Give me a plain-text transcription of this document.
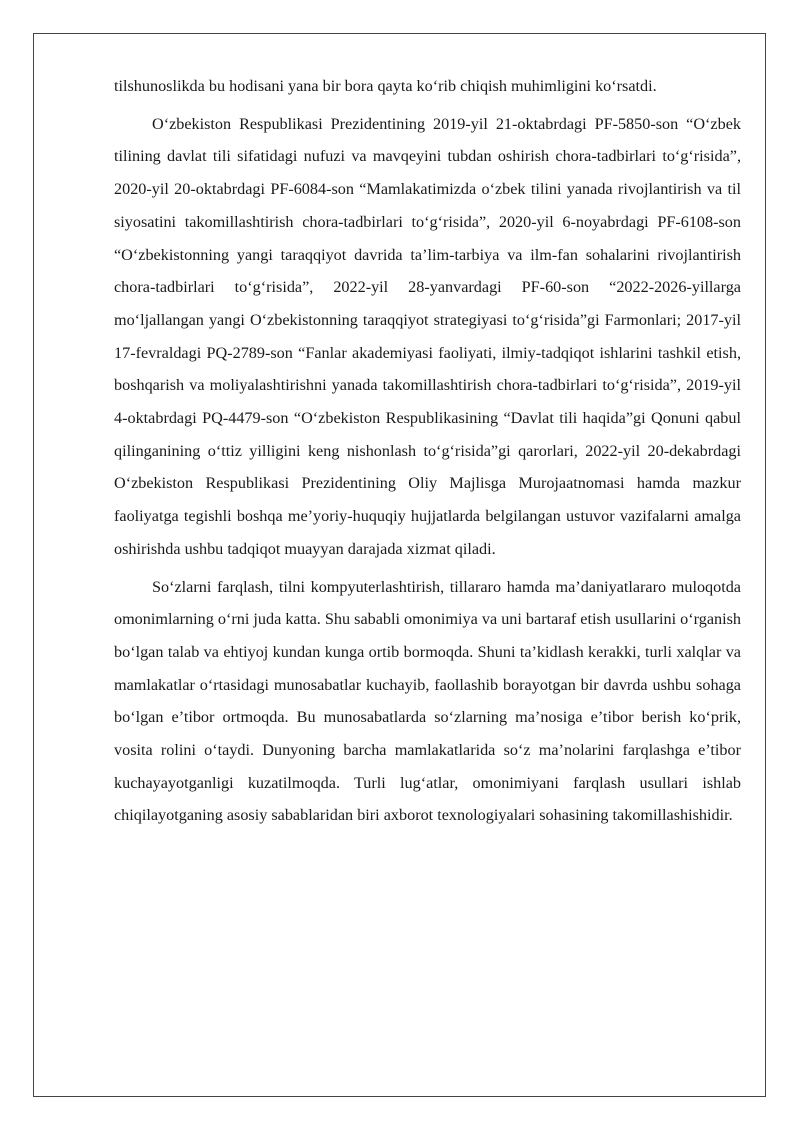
tilshunoslikda bu hodisani yana bir bora qayta koʻrib chiqish muhimligini koʻrsatdi.

Oʻzbekiston Respublikasi Prezidentining 2019-yil 21-oktabrdagi PF-5850-son “Oʻzbek tilining davlat tili sifatidagi nufuzi va mavqeyini tubdan oshirish chora-tadbirlari toʻgʻrisida”, 2020-yil 20-oktabrdagi PF-6084-son “Mamlakatimizda oʻzbek tilini yanada rivojlantirish va til siyosatini takomillashtirish chora-tadbirlari toʻgʻrisida”, 2020-yil 6-noyabrdagi PF-6108-son “Oʻzbekistonning yangi taraqqiyot davrida ta’lim-tarbiya va ilm-fan sohalarini rivojlantirish chora-tadbirlari toʻgʻrisida”, 2022-yil 28-yanvardagi PF-60-son “2022-2026-yillarga moʻljallangan yangi Oʻzbekistonning taraqqiyot strategiyasi toʻgʻrisida”gi Farmonlari; 2017-yil 17-fevraldagi PQ-2789-son “Fanlar akademiyasi faoliyati, ilmiy-tadqiqot ishlarini tashkil etish, boshqarish va moliyalashtirishni yanada takomillashtirish chora-tadbirlari toʻgʻrisida”, 2019-yil 4-oktabrdagi PQ-4479-son “Oʻzbekiston Respublikasining “Davlat tili haqida”gi Qonuni qabul qilinganining oʻttiz yilligini keng nishonlash toʻgʻrisida”gi qarorlari, 2022-yil 20-dekabrdagi Oʻzbekiston Respublikasi Prezidentining Oliy Majlisga Murojaatnomasi hamda mazkur faoliyatga tegishli boshqa me’yoriy-huquqiy hujjatlarda belgilangan ustuvor vazifalarni amalga oshirishda ushbu tadqiqot muayyan darajada xizmat qiladi.

Soʻzlarni farqlash, tilni kompyuterlashtirish, tillararo hamda ma’daniyatlararo muloqotda omonimlarning oʻrni juda katta. Shu sababli omonimiya va uni bartaraf etish usullarini oʻrganish boʻlgan talab va ehtiyoj kundan kunga ortib bormoqda. Shuni ta’kidlash kerakki, turli xalqlar va mamlakatlar oʻrtasidagi munosabatlar kuchayib, faollashib borayotgan bir davrda ushbu sohaga boʻlgan e’tibor ortmoqda. Bu munosabatlarda soʻzlarning ma’nosiga e’tibor berish koʻprik, vosita rolini oʻtaydi. Dunyoning barcha mamlakatlarida soʻz ma’nolarini farqlashga e’tibor kuchayayotganligi kuzatilmoqda. Turli lugʻatlar, omonimiyani farqlash usullari ishlab chiqilayotganing asosiy sabablaridan biri axborot texnologiyalari sohasining takomillashishidir.
